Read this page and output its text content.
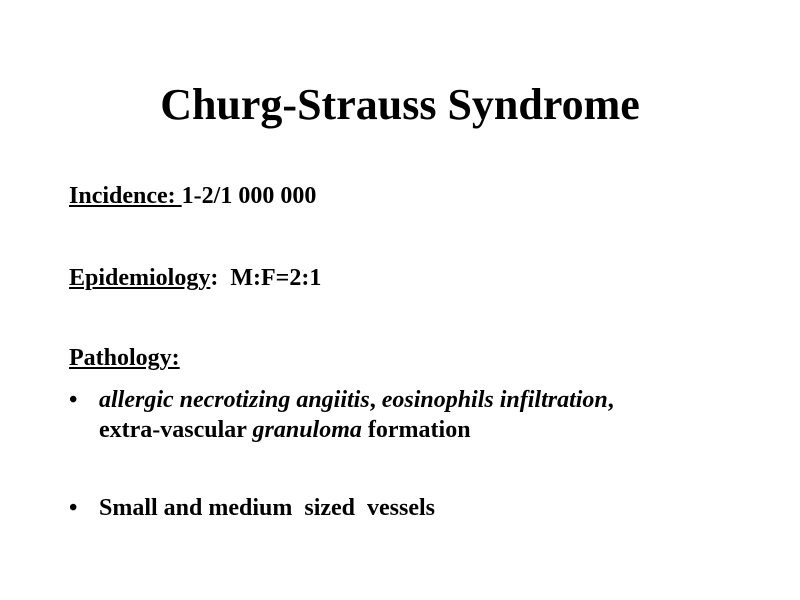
Churg-Strauss Syndrome
Incidence: 1-2/1 000 000
Epidemiology:  M:F=2:1
Pathology:
• allergic necrotizing angiitis, eosinophils infiltration, extra-vascular granuloma formation
• Small and medium  sized  vessels
